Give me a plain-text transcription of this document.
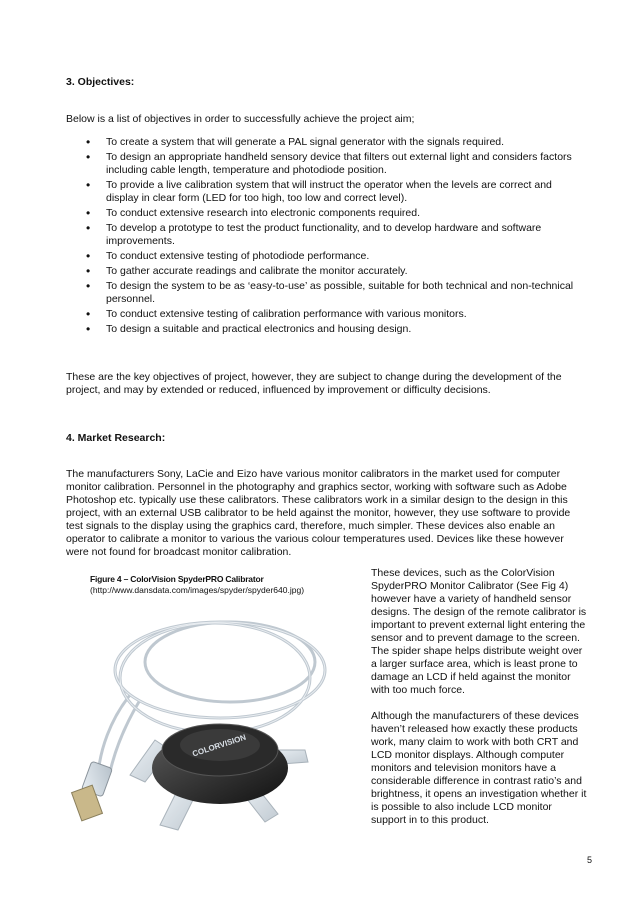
3. Objectives:
Below is a list of objectives in order to successfully achieve the project aim;
• To create a system that will generate a PAL signal generator with the signals required.
• To design an appropriate handheld sensory device that filters out external light and considers factors including cable length, temperature and photodiode position.
• To provide a live calibration system that will instruct the operator when the levels are correct and display in clear form (LED for too high, too low and correct level).
• To conduct extensive research into electronic components required.
• To develop a prototype to test the product functionality, and to develop hardware and software improvements.
• To conduct extensive testing of photodiode performance.
• To gather accurate readings and calibrate the monitor accurately.
• To design the system to be as ‘easy-to-use’ as possible, suitable for both technical and non-technical personnel.
• To conduct extensive testing of calibration performance with various monitors.
• To design a suitable and practical electronics and housing design.
These are the key objectives of project, however, they are subject to change during the development of the project, and may by extended or reduced, influenced by improvement or difficulty decisions.
4. Market Research:
The manufacturers Sony, LaCie and Eizo have various monitor calibrators in the market used for computer monitor calibration. Personnel in the photography and graphics sector, working with software such as Adobe Photoshop etc. typically use these calibrators. These calibrators work in a similar design to the design in this project, with an external USB calibrator to be held against the monitor, however, they use software to provide test signals to the display using the graphics card, therefore, much simpler. These devices also enable an operator to calibrate a monitor to various the various colour temperatures used. Devices like these however were not found for broadcast monitor calibration.
Figure 4 – ColorVision SpyderPRO Calibrator
(http://www.dansdata.com/images/spyder/spyder640.jpg)
COLORVISION

These devices, such as the ColorVision SpyderPRO Monitor Calibrator (See Fig 4) however have a variety of handheld sensor designs. The design of the remote calibrator is important to prevent external light entering the sensor and to prevent damage to the screen. The spider shape helps distribute weight over a larger surface area, which is least prone to damage an LCD if held against the monitor with too much force.

Although the manufacturers of these devices haven’t released how exactly these products work, many claim to work with both CRT and LCD monitor displays. Although computer monitors and television monitors have a considerable difference in contrast ratio’s and brightness, it opens an investigation whether it is possible to also include LCD monitor support in to this product.

5
